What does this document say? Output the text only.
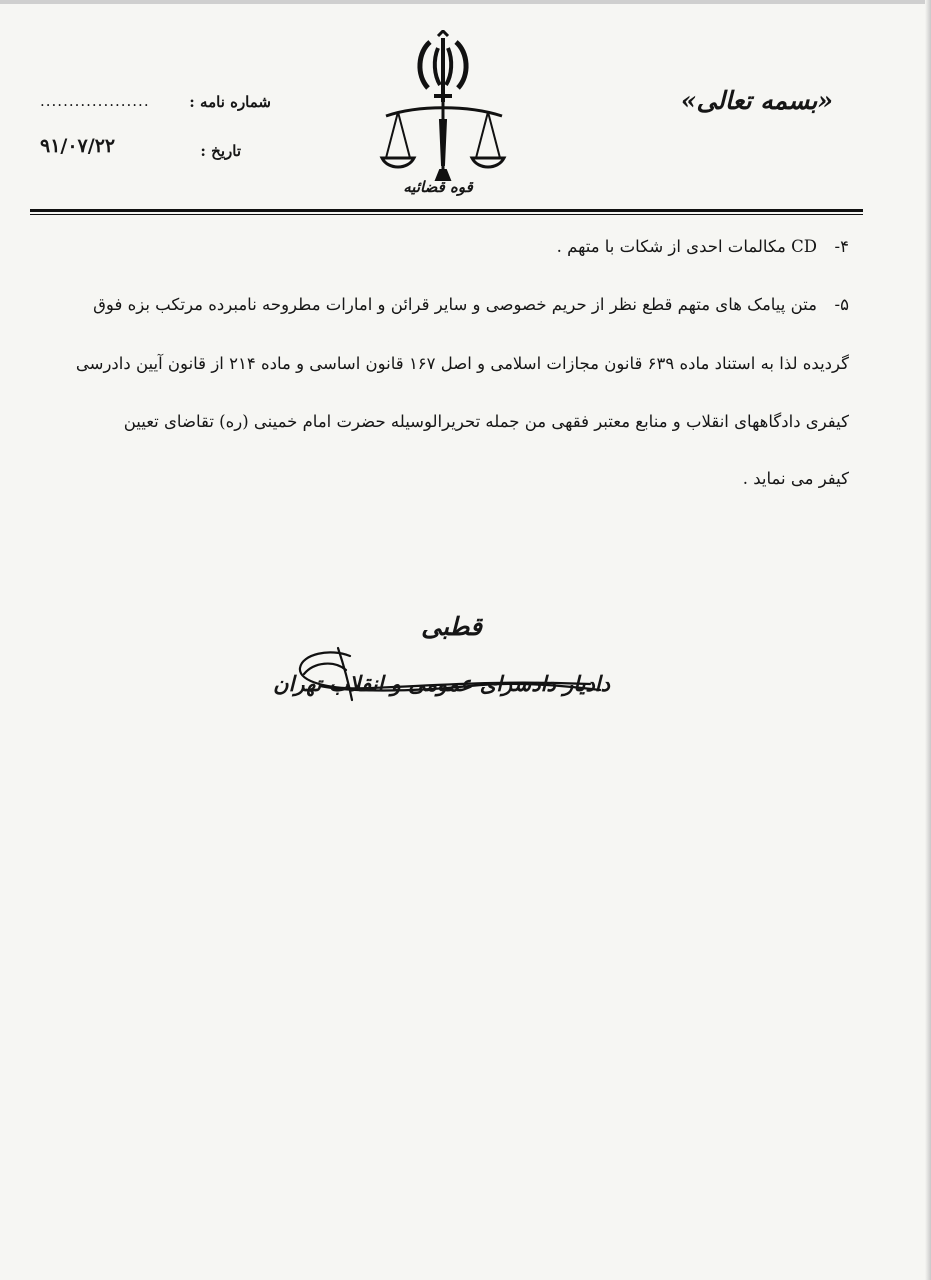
«بسمه تعالی»
قوه قضائیه
شماره نامه :
...................
تاریخ :
۹۱/۰۷/۲۲
۴-
CD مکالمات احدی از شکات با متهم .
۵-
متن پیامک های متهم قطع نظر از حریم خصوصی و سایر قرائن و امارات مطروحه نامبرده مرتکب بزه فوق
گردیده لذا به استناد ماده ۶۳۹ قانون مجازات اسلامی و اصل ۱۶۷ قانون اساسی و ماده ۲۱۴ از قانون آیین دادرسی
کیفری دادگاههای انقلاب و منابع معتبر فقهی من جمله تحریرالوسیله حضرت امام خمینی (ره) تقاضای تعیین
کیفر می نماید .
قطبی
دادیار دادسرای عمومی و انقلاب تهران
